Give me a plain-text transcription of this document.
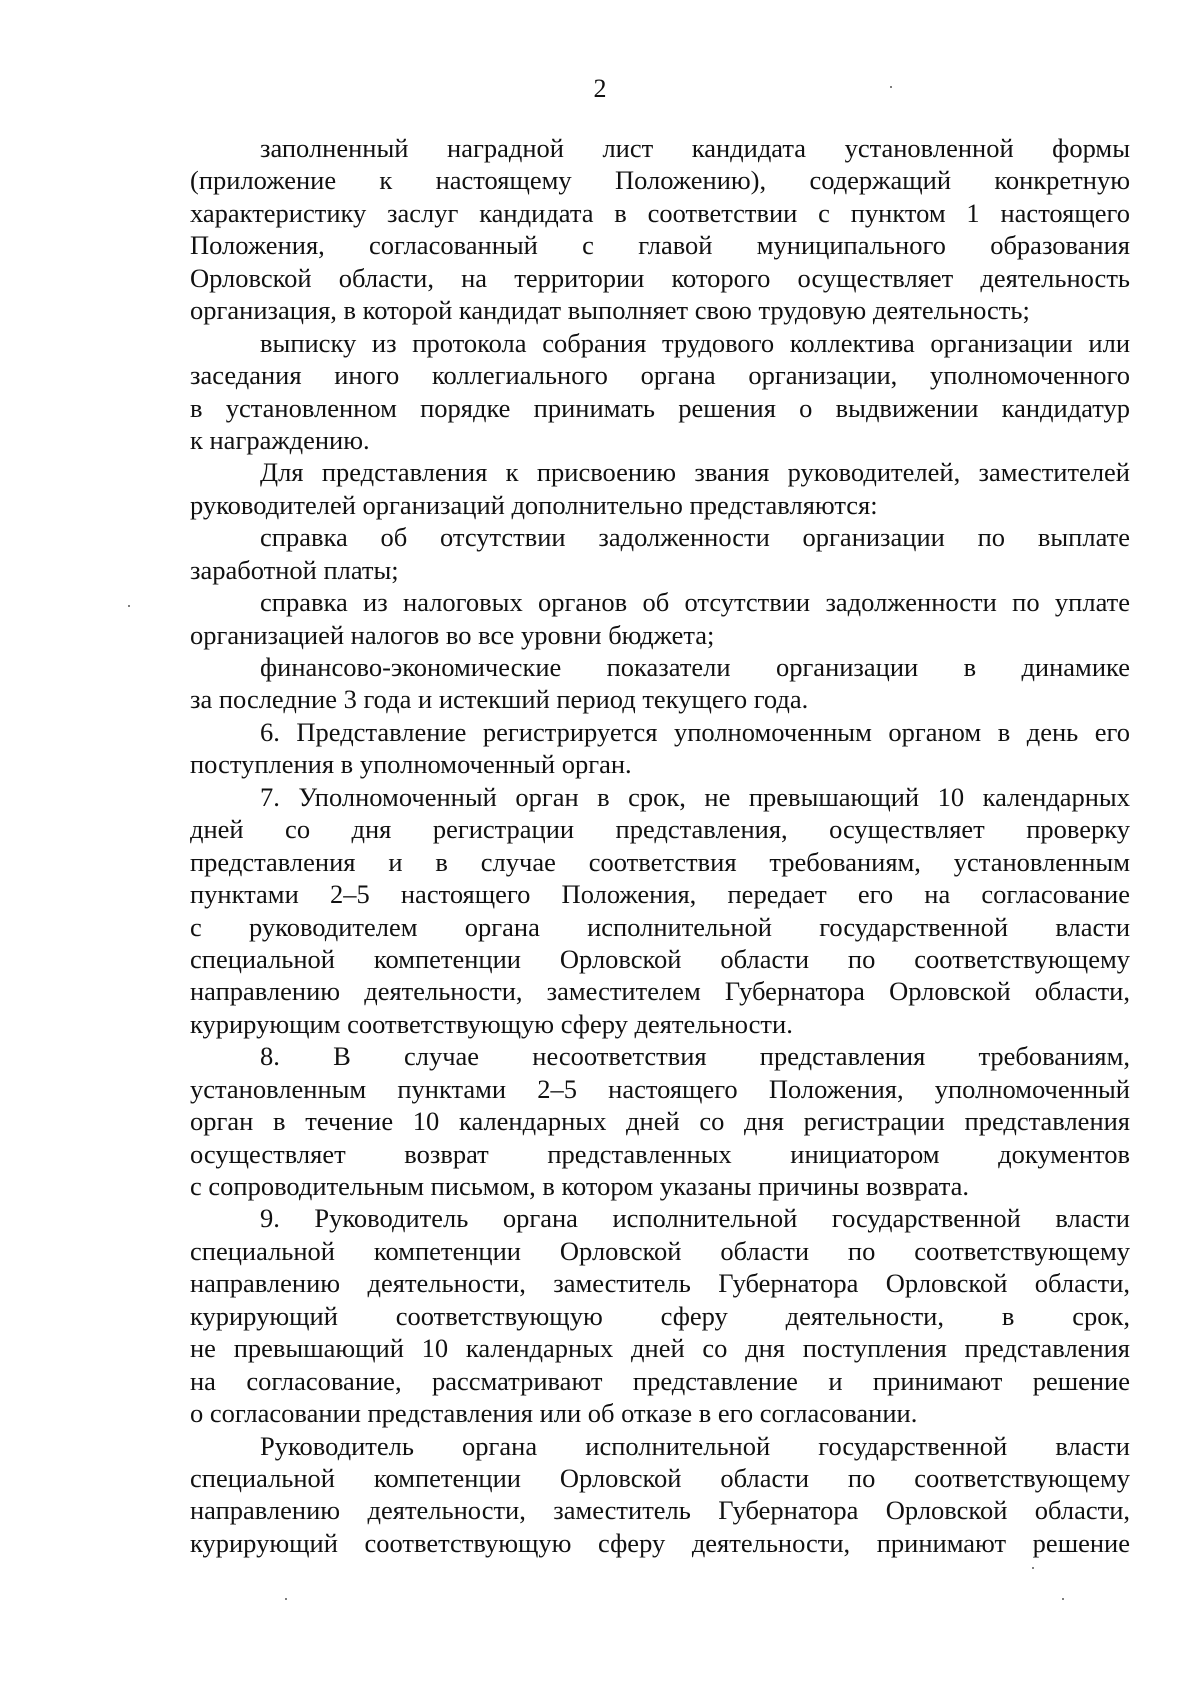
2
заполненный наградной лист кандидата установленной формы
(приложение к настоящему Положению), содержащий конкретную
характеристику заслуг кандидата в соответствии с пунктом 1 настоящего
Положения, согласованный с главой муниципального образования
Орловской области, на территории которого осуществляет деятельность
организация, в которой кандидат выполняет свою трудовую деятельность;
выписку из протокола собрания трудового коллектива организации или
заседания иного коллегиального органа организации, уполномоченного
в установленном порядке принимать решения о выдвижении кандидатур
к награждению.
Для представления к присвоению звания руководителей, заместителей
руководителей организаций дополнительно представляются:
справка об отсутствии задолженности организации по выплате
заработной платы;
справка из налоговых органов об отсутствии задолженности по уплате
организацией налогов во все уровни бюджета;
финансово-экономические показатели организации в динамике
за последние 3 года и истекший период текущего года.
6. Представление регистрируется уполномоченным органом в день его
поступления в уполномоченный орган.
7. Уполномоченный орган в срок, не превышающий 10 календарных
дней со дня регистрации представления, осуществляет проверку
представления и в случае соответствия требованиям, установленным
пунктами 2–5 настоящего Положения, передает его на согласование
с руководителем органа исполнительной государственной власти
специальной компетенции Орловской области по соответствующему
направлению деятельности, заместителем Губернатора Орловской области,
курирующим соответствующую сферу деятельности.
8. В случае несоответствия представления требованиям,
установленным пунктами 2–5 настоящего Положения, уполномоченный
орган в течение 10 календарных дней со дня регистрации представления
осуществляет возврат представленных инициатором документов
с сопроводительным письмом, в котором указаны причины возврата.
9. Руководитель органа исполнительной государственной власти
специальной компетенции Орловской области по соответствующему
направлению деятельности, заместитель Губернатора Орловской области,
курирующий соответствующую сферу деятельности, в срок,
не превышающий 10 календарных дней со дня поступления представления
на согласование, рассматривают представление и принимают решение
о согласовании представления или об отказе в его согласовании.
Руководитель органа исполнительной государственной власти
специальной компетенции Орловской области по соответствующему
направлению деятельности, заместитель Губернатора Орловской области,
курирующий соответствующую сферу деятельности, принимают решение
